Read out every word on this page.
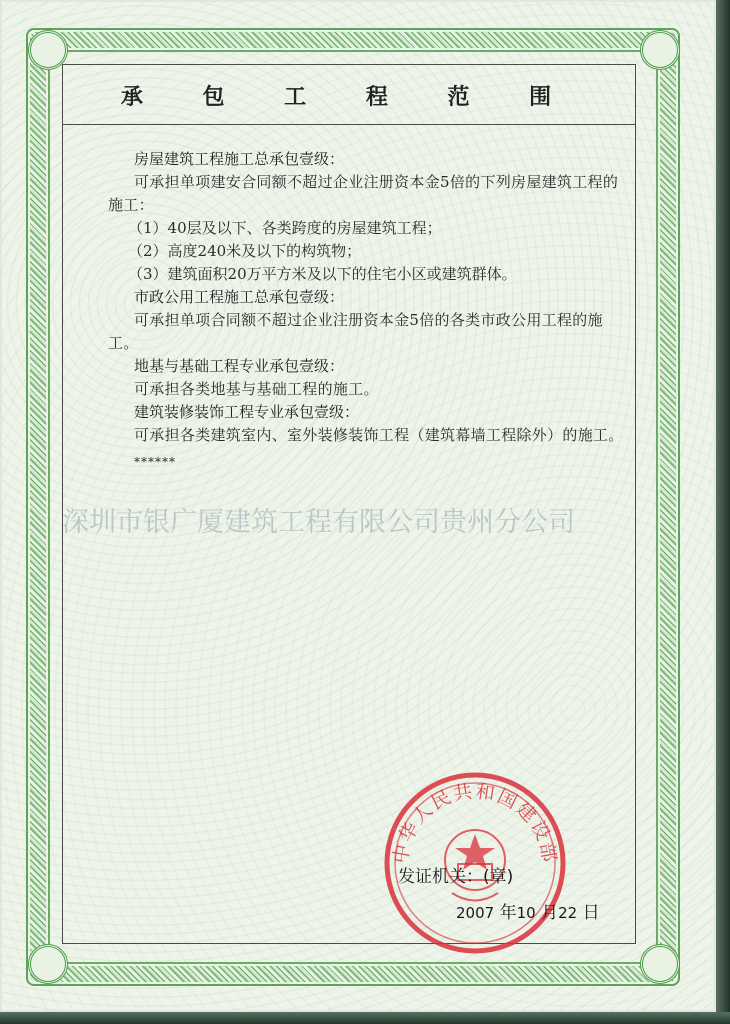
承 包 工 程 范 围
房屋建筑工程施工总承包壹级：
可承担单项建安合同额不超过企业注册资本金5倍的下列房屋建筑工程的施工：
（1）40层及以下、各类跨度的房屋建筑工程；
（2）高度240米及以下的构筑物；
（3）建筑面积20万平方米及以下的住宅小区或建筑群体。
市政公用工程施工总承包壹级：
可承担单项合同额不超过企业注册资本金5倍的各类市政公用工程的施工。
地基与基础工程专业承包壹级：
可承担各类地基与基础工程的施工。
建筑装修装饰工程专业承包壹级：
可承担各类建筑室内、室外装修装饰工程（建筑幕墙工程除外）的施工。
******
深圳市银广厦建筑工程有限公司贵州分公司
中华人民共和国建设部
发证机关：(章)
2007 年10 月22 日
